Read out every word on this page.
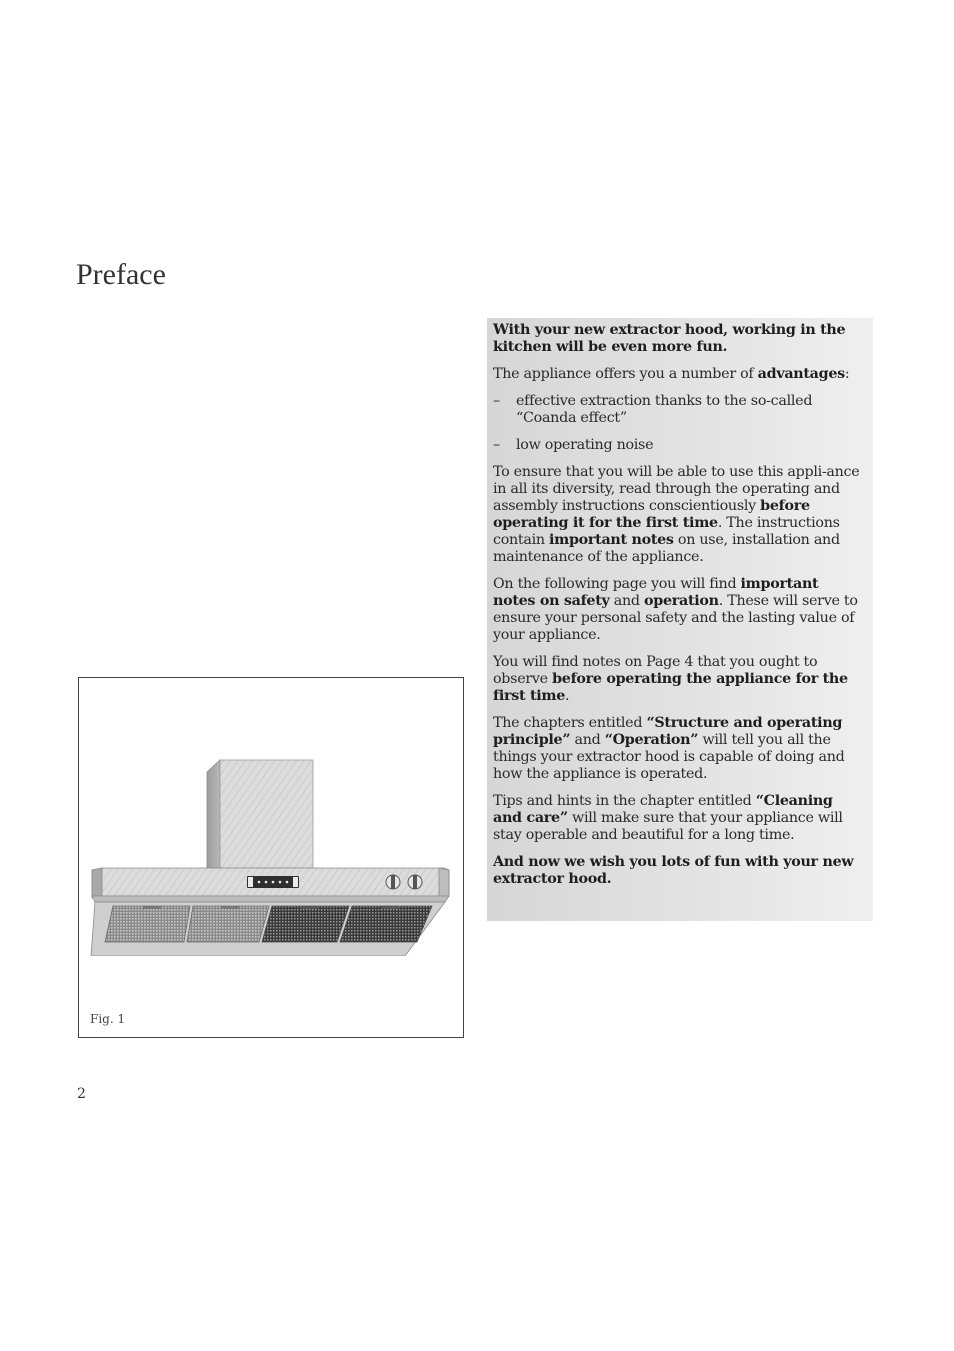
Preface

With your new extractor hood, working in the kitchen will be even more fun.

The appliance offers you a number of advantages:

–	effective extraction thanks to the so-called “Coanda effect”
–	low operating noise

To ensure that you will be able to use this appli-ance in all its diversity, read through the operating and assembly instructions conscientiously before operating it for the first time. The instructions contain important notes on use, installation and maintenance of the appliance.

On the following page you will find important notes on safety and operation. These will serve to ensure your personal safety and the lasting value of your appliance.

You will find notes on Page 4 that you ought to observe before operating the appliance for the first time.

The chapters entitled “Structure and operating principle” and “Operation” will tell you all the things your extractor hood is capable of doing and how the appliance is operated.

Tips and hints in the chapter entitled “Cleaning and care” will make sure that your appliance will stay operable and beautiful for a long time.

And now we wish you lots of fun with your new extractor hood.

Fig. 1
2
